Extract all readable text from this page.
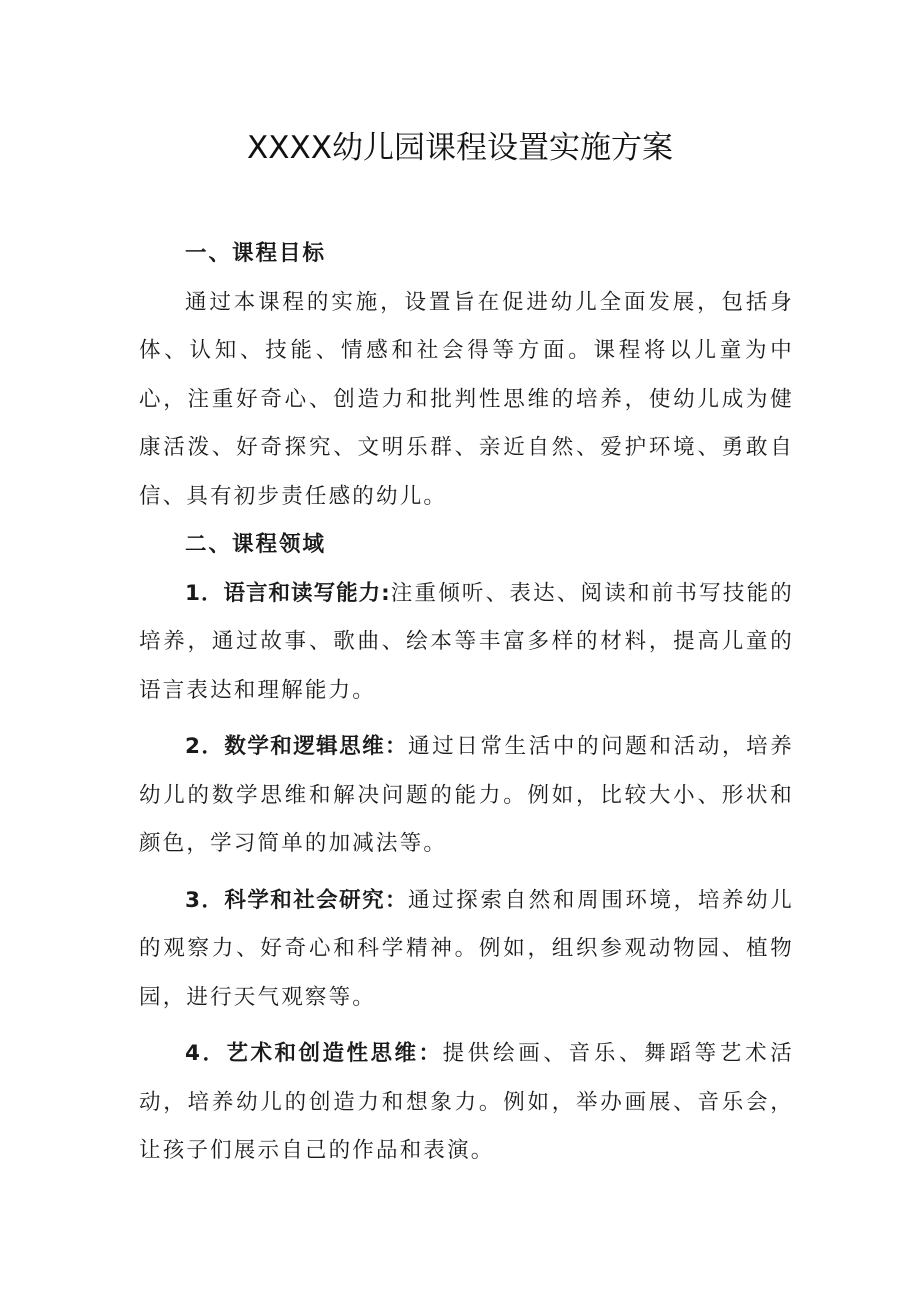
XXXX幼儿园课程设置实施方案

一、课程目标

通过本课程的实施，设置旨在促进幼儿全面发展，包括身体、认知、技能、情感和社会得等方面。课程将以儿童为中心，注重好奇心、创造力和批判性思维的培养，使幼儿成为健康活泼、好奇探究、文明乐群、亲近自然、爱护环境、勇敢自信、具有初步责任感的幼儿。

二、课程领域

1．语言和读写能力:注重倾听、表达、阅读和前书写技能的培养，通过故事、歌曲、绘本等丰富多样的材料，提高儿童的语言表达和理解能力。

2．数学和逻辑思维：通过日常生活中的问题和活动，培养幼儿的数学思维和解决问题的能力。例如，比较大小、形状和颜色，学习简单的加减法等。

3．科学和社会研究：通过探索自然和周围环境，培养幼儿的观察力、好奇心和科学精神。例如，组织参观动物园、植物园，进行天气观察等。

4．艺术和创造性思维：提供绘画、音乐、舞蹈等艺术活动，培养幼儿的创造力和想象力。例如，举办画展、音乐会，让孩子们展示自己的作品和表演。
